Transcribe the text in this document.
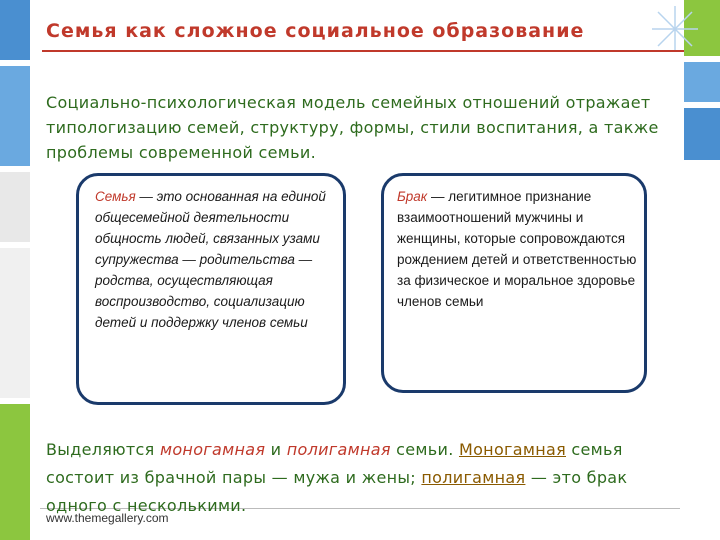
Семья как сложное социальное образование
Социально-психологическая модель семейных отношений отражает типологизацию семей, структуру, формы, стили воспитания, а также проблемы современной семьи.
Семья — это основанная на единой общесемейной деятельности общность людей, связанных узами супружества — родительства — родства, осуществляющая воспроизводство, социализацию детей и поддержку членов семьи
Брак — легитимное признание взаимоотношений мужчины и женщины, которые сопровождаются рождением детей и ответственностью за физическое и моральное здоровье членов семьи
www.themegallery.com
Выделяются моногамная и полигамная семьи. Моногамная семья состоит из брачной пары — мужа и жены; полигамная — это брак одного с несколькими.
